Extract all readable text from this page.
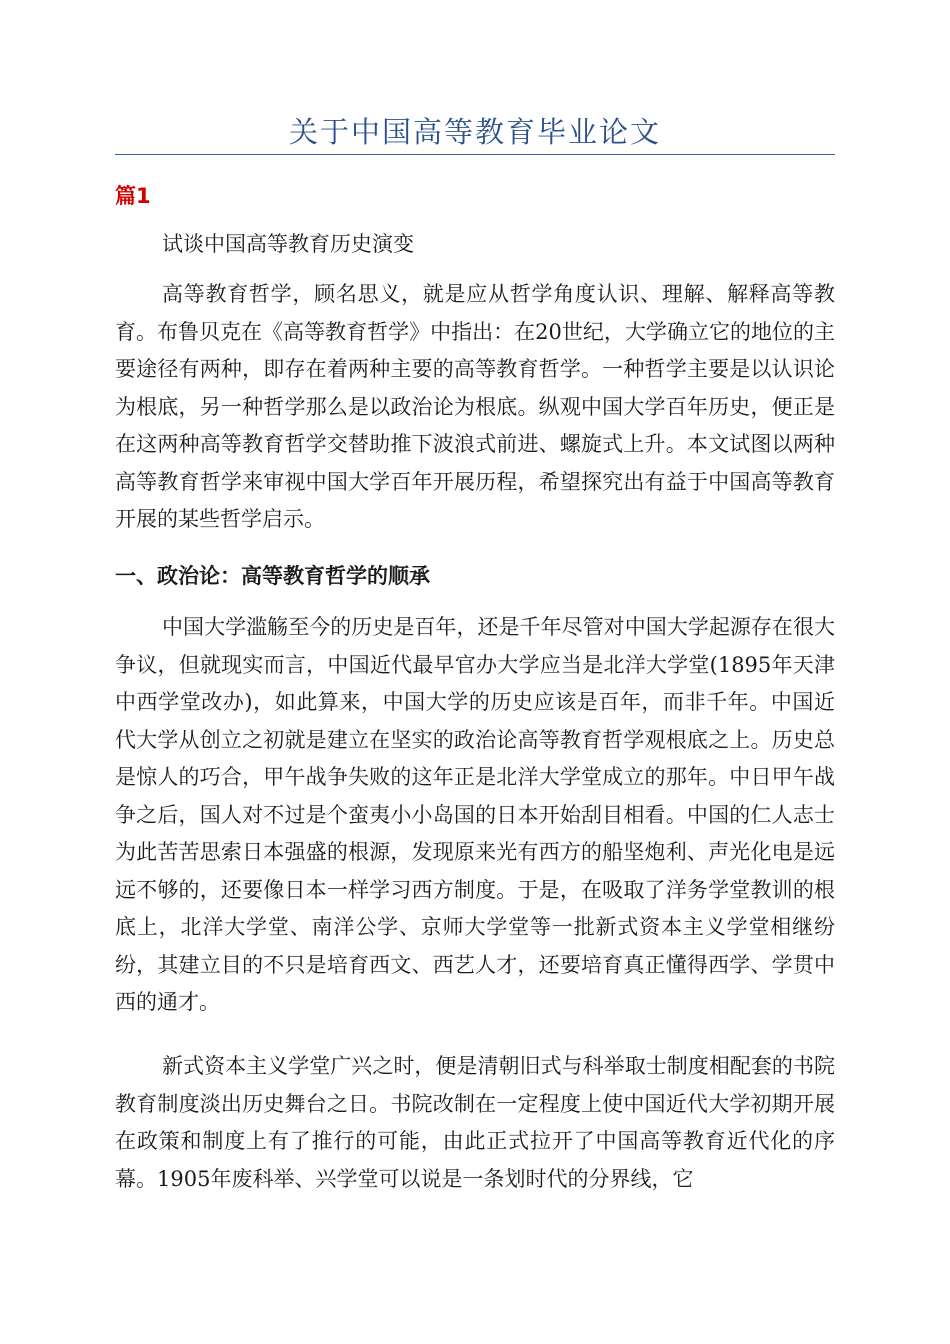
关于中国高等教育毕业论文
篇1

试谈中国高等教育历史演变

高等教育哲学，顾名思义，就是应从哲学角度认识、理解、解释高等教育。布鲁贝克在《高等教育哲学》中指出：在20世纪，大学确立它的地位的主要途径有两种，即存在着两种主要的高等教育哲学。一种哲学主要是以认识论为根底，另一种哲学那么是以政治论为根底。纵观中国大学百年历史，便正是在这两种高等教育哲学交替助推下波浪式前进、螺旋式上升。本文试图以两种高等教育哲学来审视中国大学百年开展历程，希望探究出有益于中国高等教育开展的某些哲学启示。

一、政治论：高等教育哲学的顺承

中国大学滥觞至今的历史是百年，还是千年尽管对中国大学起源存在很大争议，但就现实而言，中国近代最早官办大学应当是北洋大学堂(1895年天津中西学堂改办)，如此算来，中国大学的历史应该是百年，而非千年。中国近代大学从创立之初就是建立在坚实的政治论高等教育哲学观根底之上。历史总是惊人的巧合，甲午战争失败的这年正是北洋大学堂成立的那年。中日甲午战争之后，国人对不过是个蛮夷小小岛国的日本开始刮目相看。中国的仁人志士为此苦苦思索日本强盛的根源，发现原来光有西方的船坚炮利、声光化电是远远不够的，还要像日本一样学习西方制度。于是，在吸取了洋务学堂教训的根底上，北洋大学堂、南洋公学、京师大学堂等一批新式资本主义学堂相继纷纷，其建立目的不只是培育西文、西艺人才，还要培育真正懂得西学、学贯中西的通才。

新式资本主义学堂广兴之时，便是清朝旧式与科举取士制度相配套的书院教育制度淡出历史舞台之日。书院改制在一定程度上使中国近代大学初期开展在政策和制度上有了推行的可能，由此正式拉开了中国高等教育近代化的序幕。1905年废科举、兴学堂可以说是一条划时代的分界线，它
